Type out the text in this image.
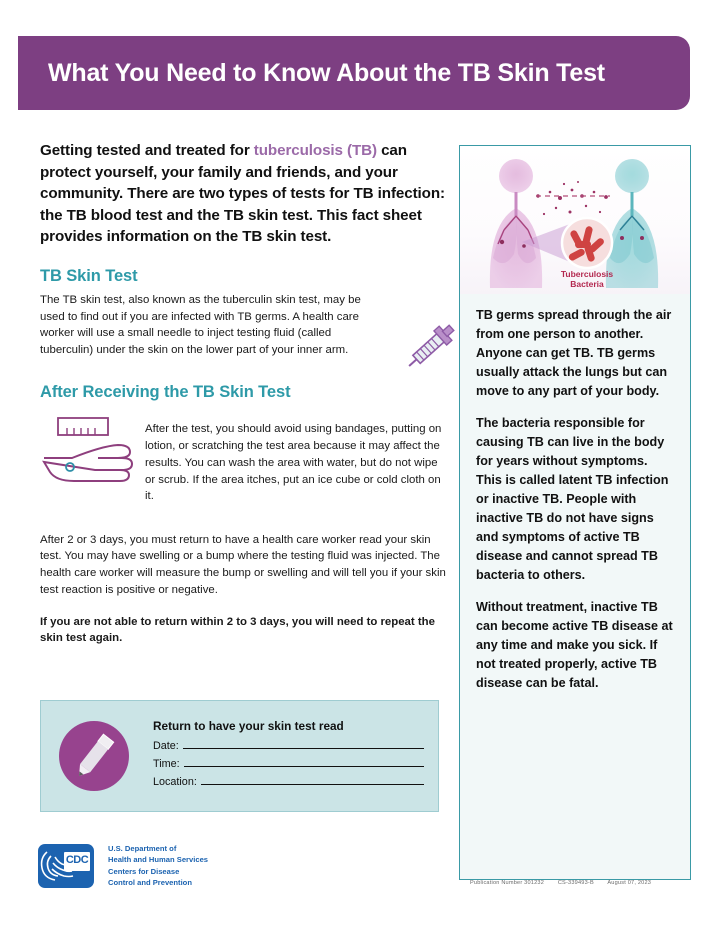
What You Need to Know About the TB Skin Test

Getting tested and treated for tuberculosis (TB) can protect yourself, your family and friends, and your community. There are two types of tests for TB infection: the TB blood test and the TB skin test. This fact sheet provides information on the TB skin test.

TB Skin Test

The TB skin test, also known as the tuberculin skin test, may be used to find out if you are infected with TB germs. A health care worker will use a small needle to inject testing fluid (called tuberculin) under the skin on the lower part of your inner arm.

After Receiving the TB Skin Test

After the test, you should avoid using bandages, putting on lotion, or scratching the test area because it may affect the results. You can wash the area with water, but do not wipe or scrub. If the area itches, put an ice cube or cold cloth on it.

After 2 or 3 days, you must return to have a health care worker read your skin test. You may have swelling or a bump where the testing fluid was injected. The health care worker will measure the bump or swelling and will tell you if your skin test reaction is positive or negative.

If you are not able to return within 2 to 3 days, you will need to repeat the skin test again.

Return to have your skin test read
Date:
Time:
Location:
Tuberculosis
Bacteria

TB germs spread through the air from one person to another. Anyone can get TB. TB germs usually attack the lungs but can move to any part of your body.

The bacteria responsible for causing TB can live in the body for years without symptoms. This is called latent TB infection or inactive TB. People with inactive TB do not have signs and symptoms of active TB disease and cannot spread TB bacteria to others.

Without treatment, inactive TB can become active TB disease at any time and make you sick. If not treated properly, active TB disease can be fatal.

CDC
U.S. Department of
Health and Human Services
Centers for Disease
Control and Prevention	Publication Number 301232 CS-339493-B August 07, 2023
